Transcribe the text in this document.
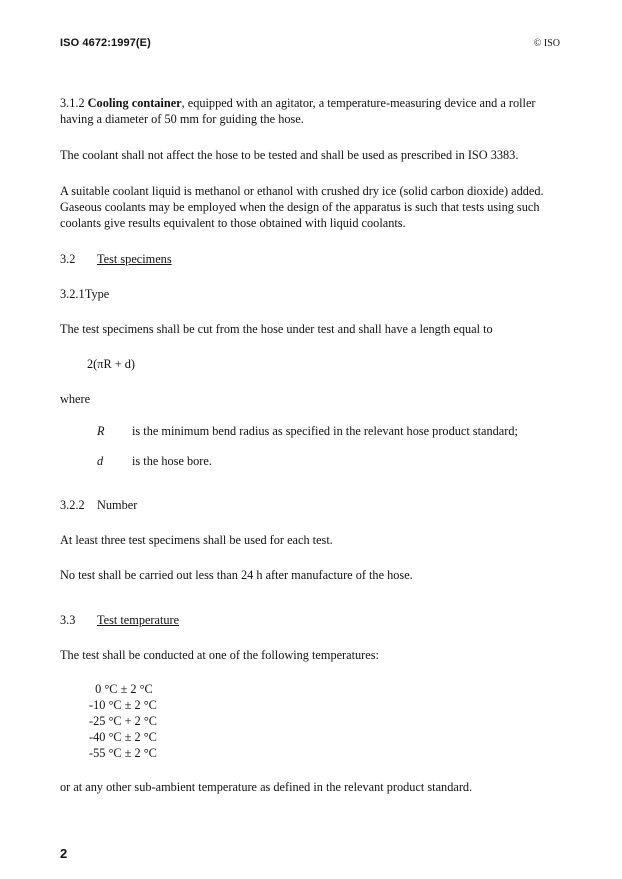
ISO 4672:1997(E)	© ISO

3.1.2 Cooling container, equipped with an agitator, a temperature-measuring device and a roller having a diameter of 50 mm for guiding the hose.

The coolant shall not affect the hose to be tested and shall be used as prescribed in ISO 3383.

A suitable coolant liquid is methanol or ethanol with crushed dry ice (solid carbon dioxide) added. Gaseous coolants may be employed when the design of the apparatus is such that tests using such coolants give results equivalent to those obtained with liquid coolants.

3.2 Test specimens

3.2.1 Type

The test specimens shall be cut from the hose under test and shall have a length equal to

2(πR + d)

where

R	is the minimum bend radius as specified in the relevant hose product standard;
d	is the hose bore.

3.2.2 Number

At least three test specimens shall be used for each test.

No test shall be carried out less than 24 h after manufacture of the hose.

3.3 Test temperature

The test shall be conducted at one of the following temperatures:

0 °C ± 2 °C
-10 °C ± 2 °C
-25 °C + 2 °C
-40 °C ± 2 °C
-55 °C ± 2 °C

or at any other sub-ambient temperature as defined in the relevant product standard.

2
